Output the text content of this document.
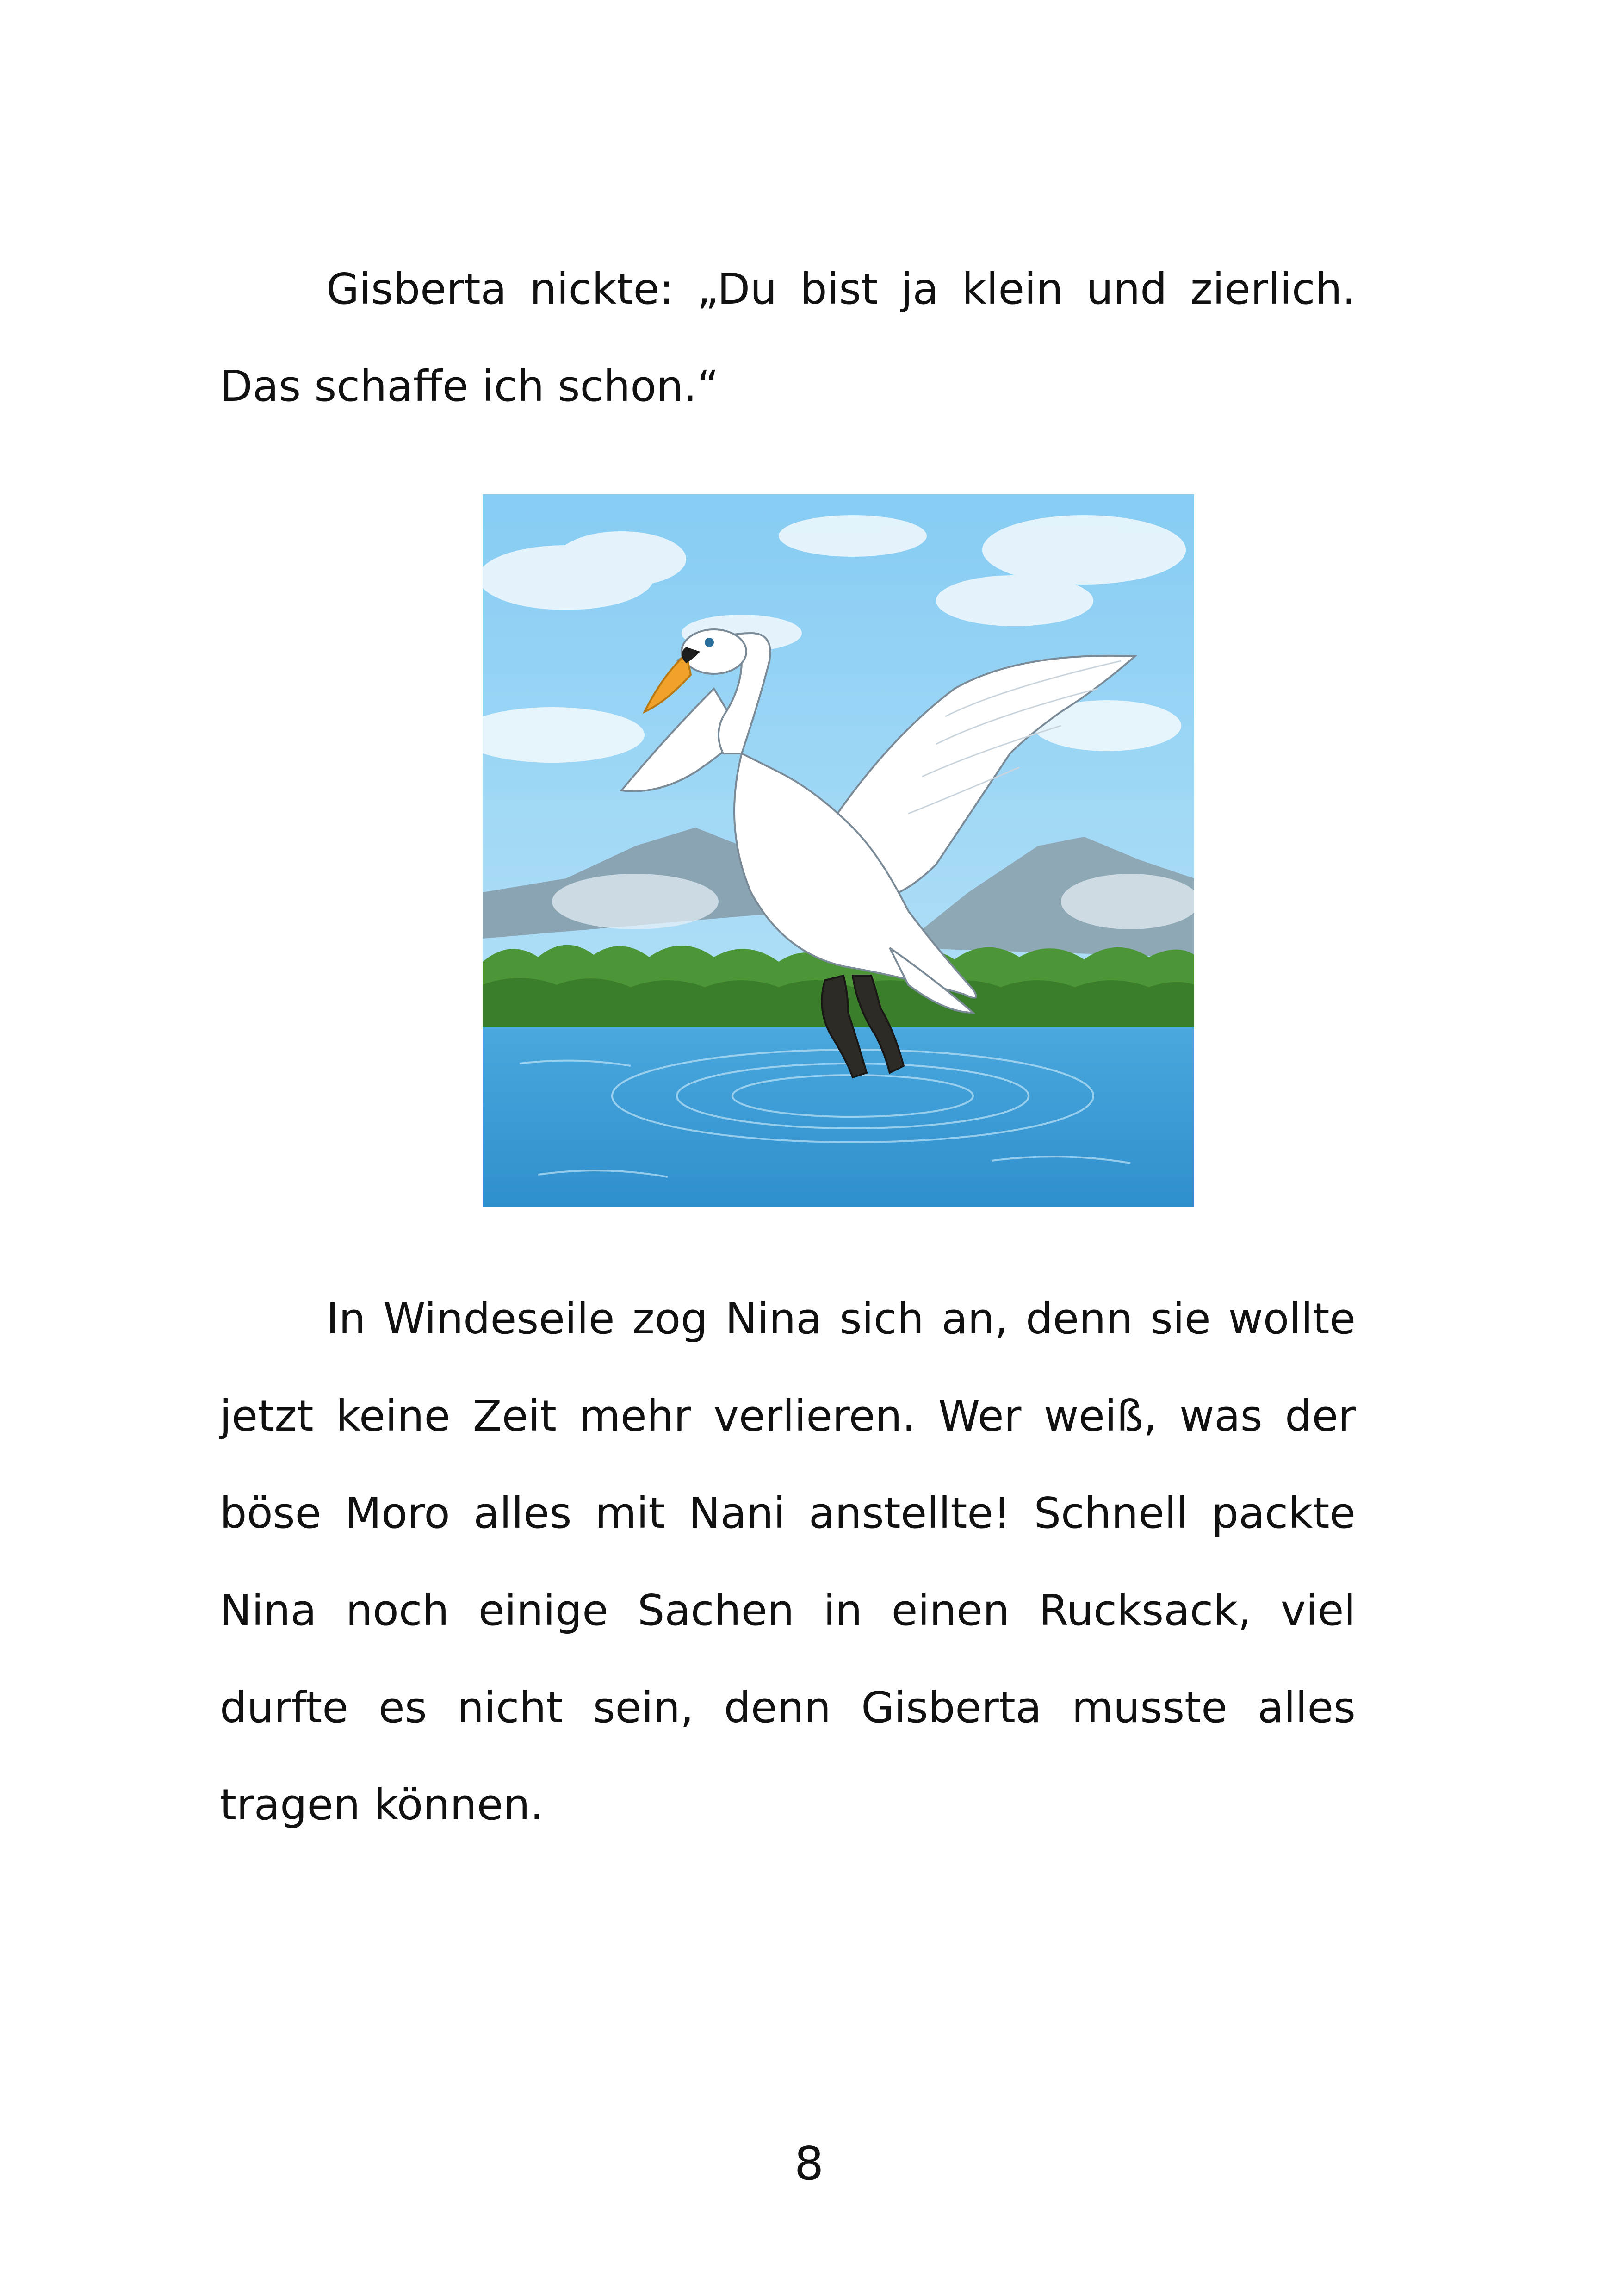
Gisberta nickte: „Du bist ja klein und zierlich. Das schaffe ich schon.“

In Windeseile zog Nina sich an, denn sie wollte jetzt keine Zeit mehr verlieren. Wer weiß, was der böse Moro alles mit Nani anstellte! Schnell packte Nina noch einige Sachen in einen Rucksack, viel durfte es nicht sein, denn Gisberta musste alles tragen können.

8
